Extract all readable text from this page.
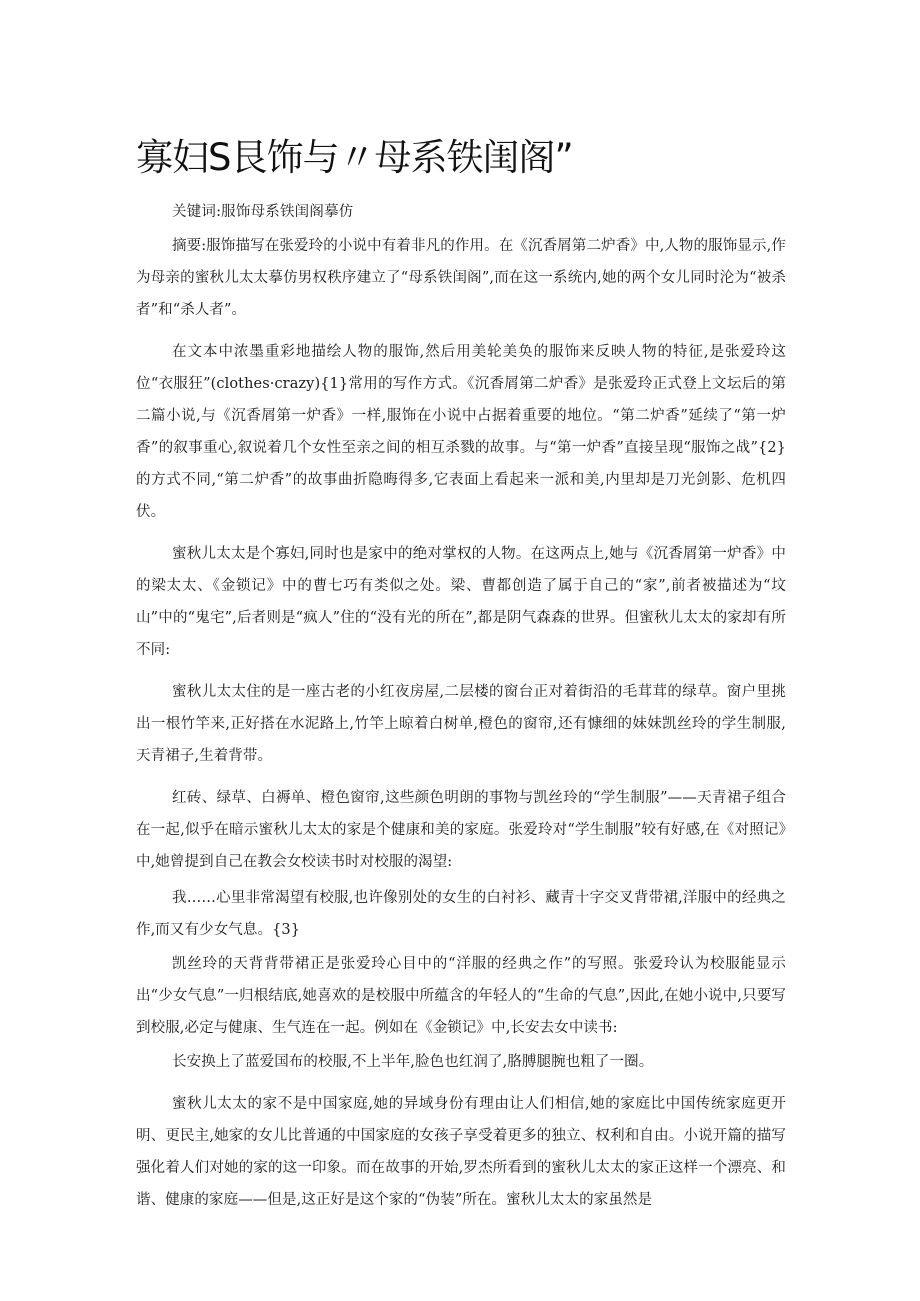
寡妇S艮饰与〃母系铁闺阁”

关键词:服饰母系铁闺阁摹仿

摘要:服饰描写在张爱玲的小说中有着非凡的作用。在《沉香屑第二炉香》中,人物的服饰显示,作为母亲的蜜秋儿太太摹仿男权秩序建立了“母系铁闺阁”,而在这一系统内,她的两个女儿同时沦为“被杀者”和“杀人者”。

在文本中浓墨重彩地描绘人物的服饰,然后用美轮美奂的服饰来反映人物的特征,是张爱玲这位“衣服狂”(clothes·crazy){1}常用的写作方式。《沉香屑第二炉香》是张爱玲正式登上文坛后的第二篇小说,与《沉香屑第一炉香》一样,服饰在小说中占据着重要的地位。“第二炉香”延续了“第一炉香”的叙事重心,叙说着几个女性至亲之间的相互杀戮的故事。与“第一炉香”直接呈现“服饰之战”{2}的方式不同,“第二炉香”的故事曲折隐晦得多,它表面上看起来一派和美,内里却是刀光剑影、危机四伏。

蜜秋儿太太是个寡妇,同时也是家中的绝对掌权的人物。在这两点上,她与《沉香屑第一炉香》中的梁太太、《金锁记》中的曹七巧有类似之处。梁、曹都创造了属于自己的“家”,前者被描述为“坟山”中的“鬼宅”,后者则是“疯人”住的“没有光的所在”,都是阴气森森的世界。但蜜秋儿太太的家却有所不同:

蜜秋儿太太住的是一座古老的小红夜房屋,二层楼的窗台正对着街沿的毛茸茸的绿草。窗户里挑出一根竹竿来,正好搭在水泥路上,竹竿上晾着白树单,橙色的窗帘,还有慷细的妹妹凯丝玲的学生制服,天青裙子,生着背带。

红砖、绿草、白褥单、橙色窗帘,这些颜色明朗的事物与凯丝玲的“学生制服”——天青裙子组合在一起,似乎在暗示蜜秋儿太太的家是个健康和美的家庭。张爱玲对“学生制服”较有好感,在《对照记》中,她曾提到自己在教会女校读书时对校服的渴望:

我……心里非常渴望有校服,也许像别处的女生的白衬衫、藏青十字交叉背带裙,洋服中的经典之作,而又有少女气息。{3}

凯丝玲的天背背带裙正是张爱玲心目中的“洋服的经典之作”的写照。张爱玲认为校服能显示出“少女气息”一归根结底,她喜欢的是校服中所蕴含的年轻人的“生命的气息”,因此,在她小说中,只要写到校服,必定与健康、生气连在一起。例如在《金锁记》中,长安去女中读书:

长安换上了蓝爱国布的校服,不上半年,脸色也红润了,胳膊腿腕也粗了一圈。

蜜秋儿太太的家不是中国家庭,她的异域身份有理由让人们相信,她的家庭比中国传统家庭更开明、更民主,她家的女儿比普通的中国家庭的女孩子享受着更多的独立、权利和自由。小说开篇的描写强化着人们对她的家的这一印象。而在故事的开始,罗杰所看到的蜜秋儿太太的家正这样一个漂亮、和谐、健康的家庭——但是,这正好是这个家的“伪装”所在。蜜秋儿太太的家虽然是
